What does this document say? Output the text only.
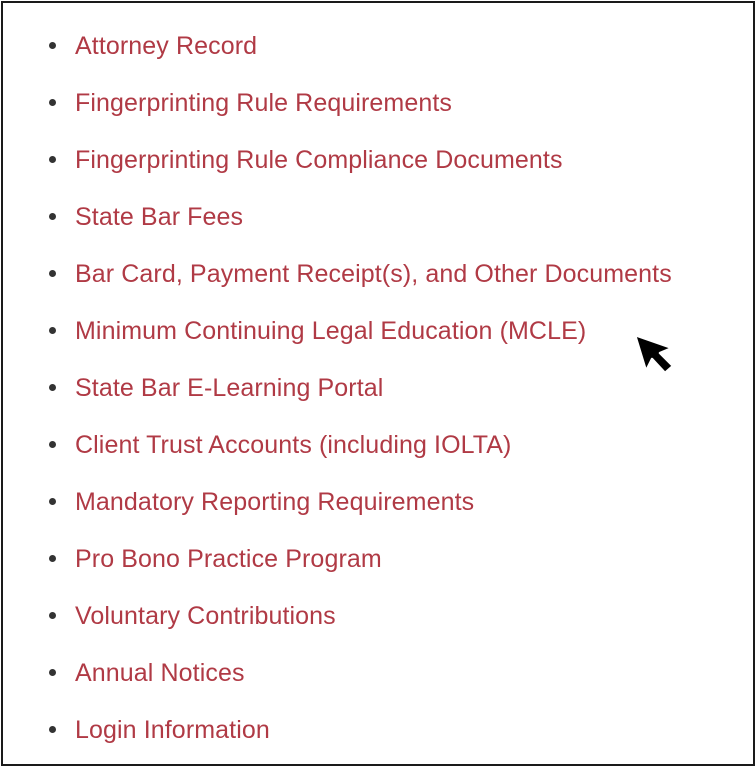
Attorney Record
Fingerprinting Rule Requirements
Fingerprinting Rule Compliance Documents
State Bar Fees
Bar Card, Payment Receipt(s), and Other Documents
Minimum Continuing Legal Education (MCLE)
State Bar E-Learning Portal
Client Trust Accounts (including IOLTA)
Mandatory Reporting Requirements
Pro Bono Practice Program
Voluntary Contributions
Annual Notices
Login Information
